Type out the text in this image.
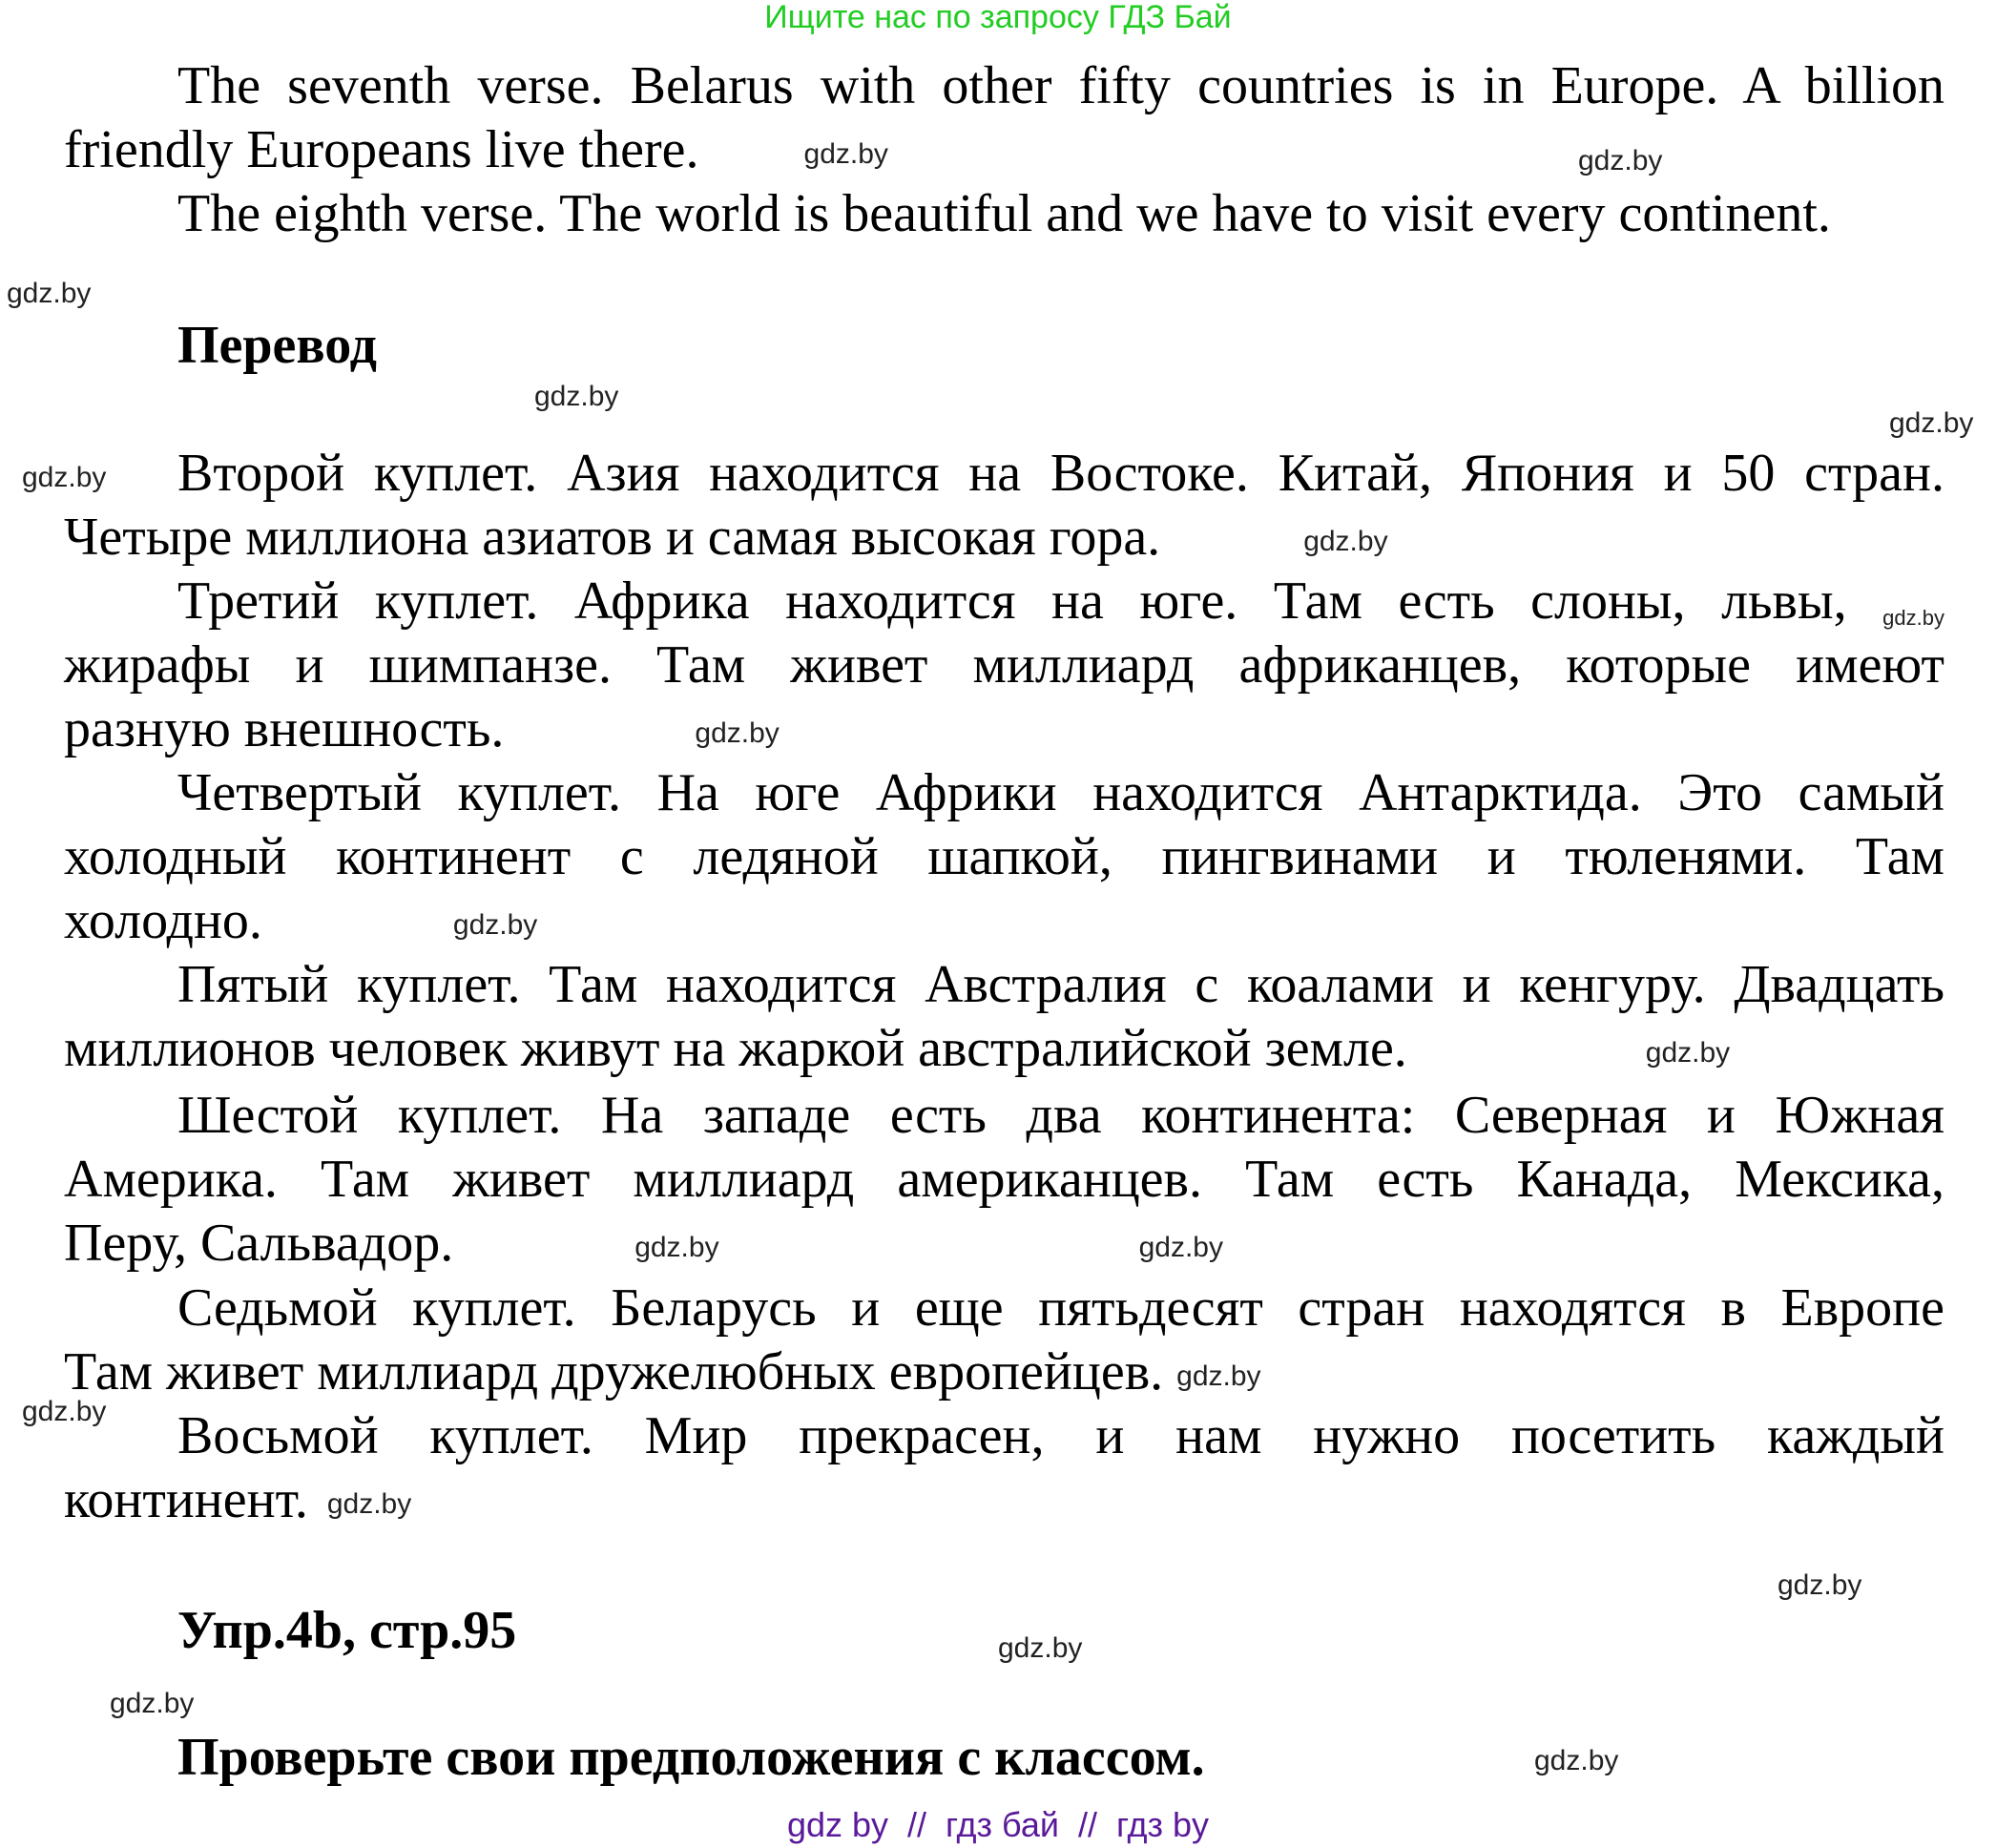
Ищите нас по запросу ГДЗ Бай
The seventh verse. Belarus with other fifty countries is in Europe. A billion
friendly Europeans live there.	gdz.by
The eighth verse. The world is beautiful and we have to visit every continent.
Перевод
Второй куплет. Азия находится на Востоке. Китай, Япония и 50 стран.
Четыре миллиона азиатов и самая высокая гора.	gdz.by
Третий куплет. Африка находится на юге. Там есть слоны, львы, gdz.by
жирафы и шимпанзе. Там живет миллиард африканцев, которые имеют
разную внешность.	gdz.by
Четвертый куплет. На юге Африки находится Антарктида. Это самый
холодный континент с ледяной шапкой, пингвинами и тюленями. Там
холодно.	gdz.by
Пятый куплет. Там находится Австралия с коалами и кенгуру. Двадцать
миллионов человек живут на жаркой австралийской земле.	gdz.by
Шестой куплет. На западе есть два континента: Северная и Южная
Америка. Там живет миллиард американцев. Там есть Канада, Мексика,
Перу, Сальвадор.	gdz.by	gdz.by
Седьмой куплет. Беларусь и еще пятьдесят стран находятся в Европе
Там живет миллиард дружелюбных европейцев. gdz.by
Восьмой куплет. Мир прекрасен, и нам нужно посетить каждый
континент. gdz.by
Упр.4b, стр.95
Проверьте свои предположения с классом.
gdz.by
gdz.by
gdz.by
gdz.by
gdz.by
gdz.by
gdz.by
gdz.by
gdz.by
gdz.by
gdz by  //  гдз бай  //  гдз by
